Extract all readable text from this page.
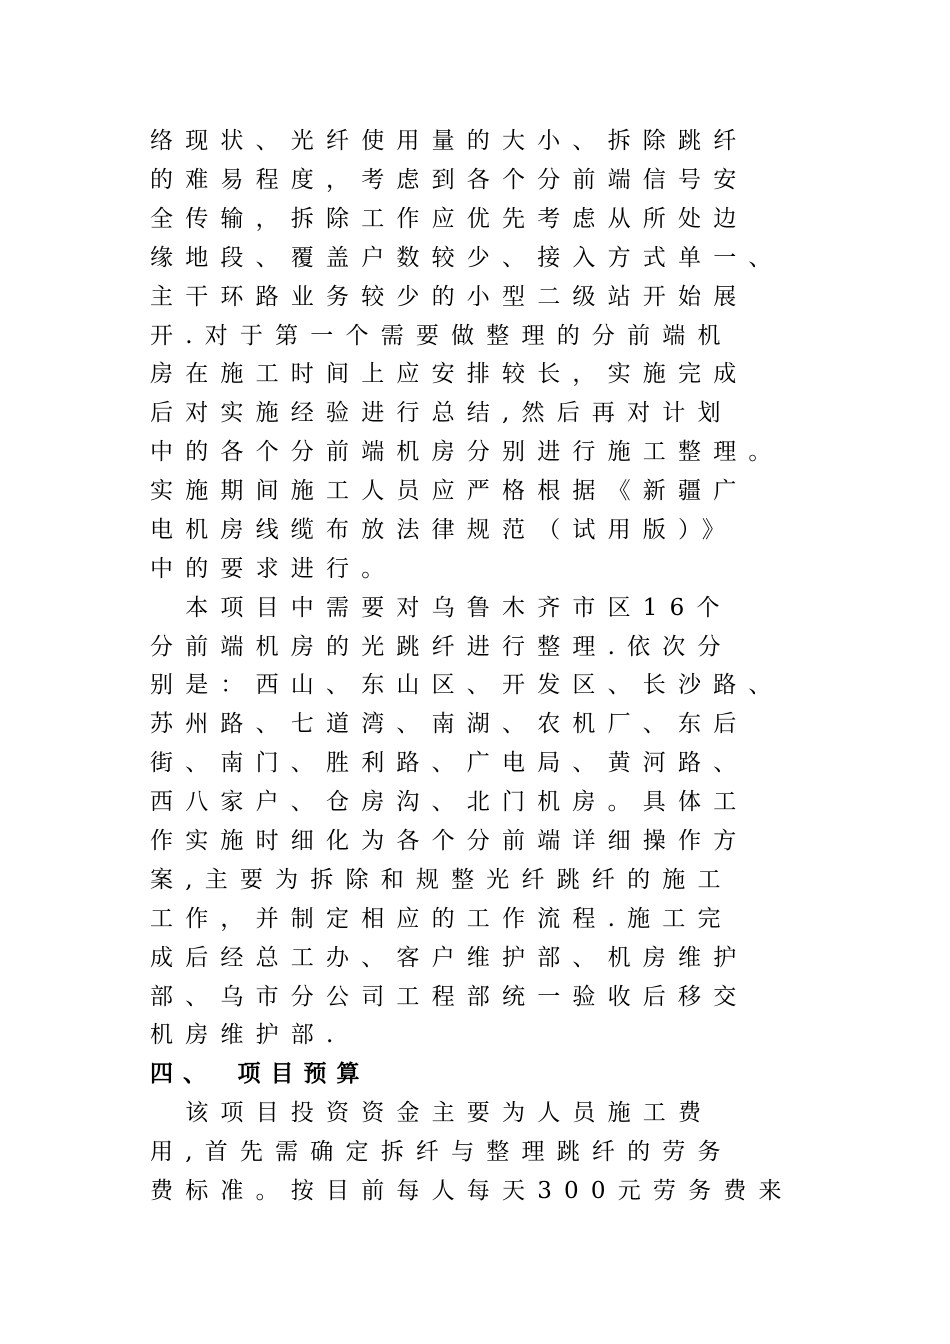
络现状、光纤使用量的大小、拆除跳纤
的难易程度，考虑到各个分前端信号安
全传输，拆除工作应优先考虑从所处边
缘地段、覆盖户数较少、接入方式单一、
主干环路业务较少的小型二级站开始展
开.对于第一个需要做整理的分前端机
房在施工时间上应安排较长，实施完成
后对实施经验进行总结,然后再对计划
中的各个分前端机房分别进行施工整理。
实施期间施工人员应严格根据《新疆广
电机房线缆布放法律规范（试用版）》
中的要求进行。
　本项目中需要对乌鲁木齐市区16个
分前端机房的光跳纤进行整理.依次分
别是：西山、东山区、开发区、长沙路、
苏州路、七道湾、南湖、农机厂、东后
街、南门、胜利路、广电局、黄河路、
西八家户、仓房沟、北门机房。具体工
作实施时细化为各个分前端详细操作方
案,主要为拆除和规整光纤跳纤的施工
工作，并制定相应的工作流程.施工完
成后经总工办、客户维护部、机房维护
部、乌市分公司工程部统一验收后移交
机房维护部.
四、　项目预算
　该项目投资资金主要为人员施工费
用,首先需确定拆纤与整理跳纤的劳务
费标准。按目前每人每天300元劳务费来
